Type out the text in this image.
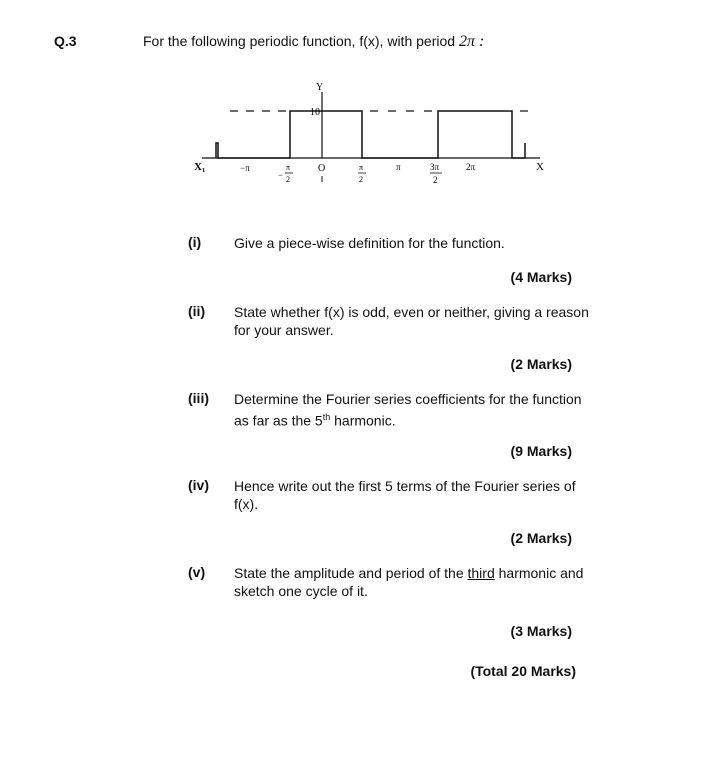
Q.3	For the following periodic function, f(x), with period 2π :
Y
10
X₁	X
O
−π
−
π
2
π
2
π	3π
2
2π
(i) Give a piece-wise definition for the function.
(4 Marks)
(ii) State whether f(x) is odd, even or neither, giving a reason for your answer.
(2 Marks)
(iii) Determine the Fourier series coefficients for the function as far as the 5th harmonic.
(9 Marks)
(iv) Hence write out the first 5 terms of the Fourier series of f(x).
(2 Marks)
(v) State the amplitude and period of the third harmonic and sketch one cycle of it.
(3 Marks)
(Total 20 Marks)
